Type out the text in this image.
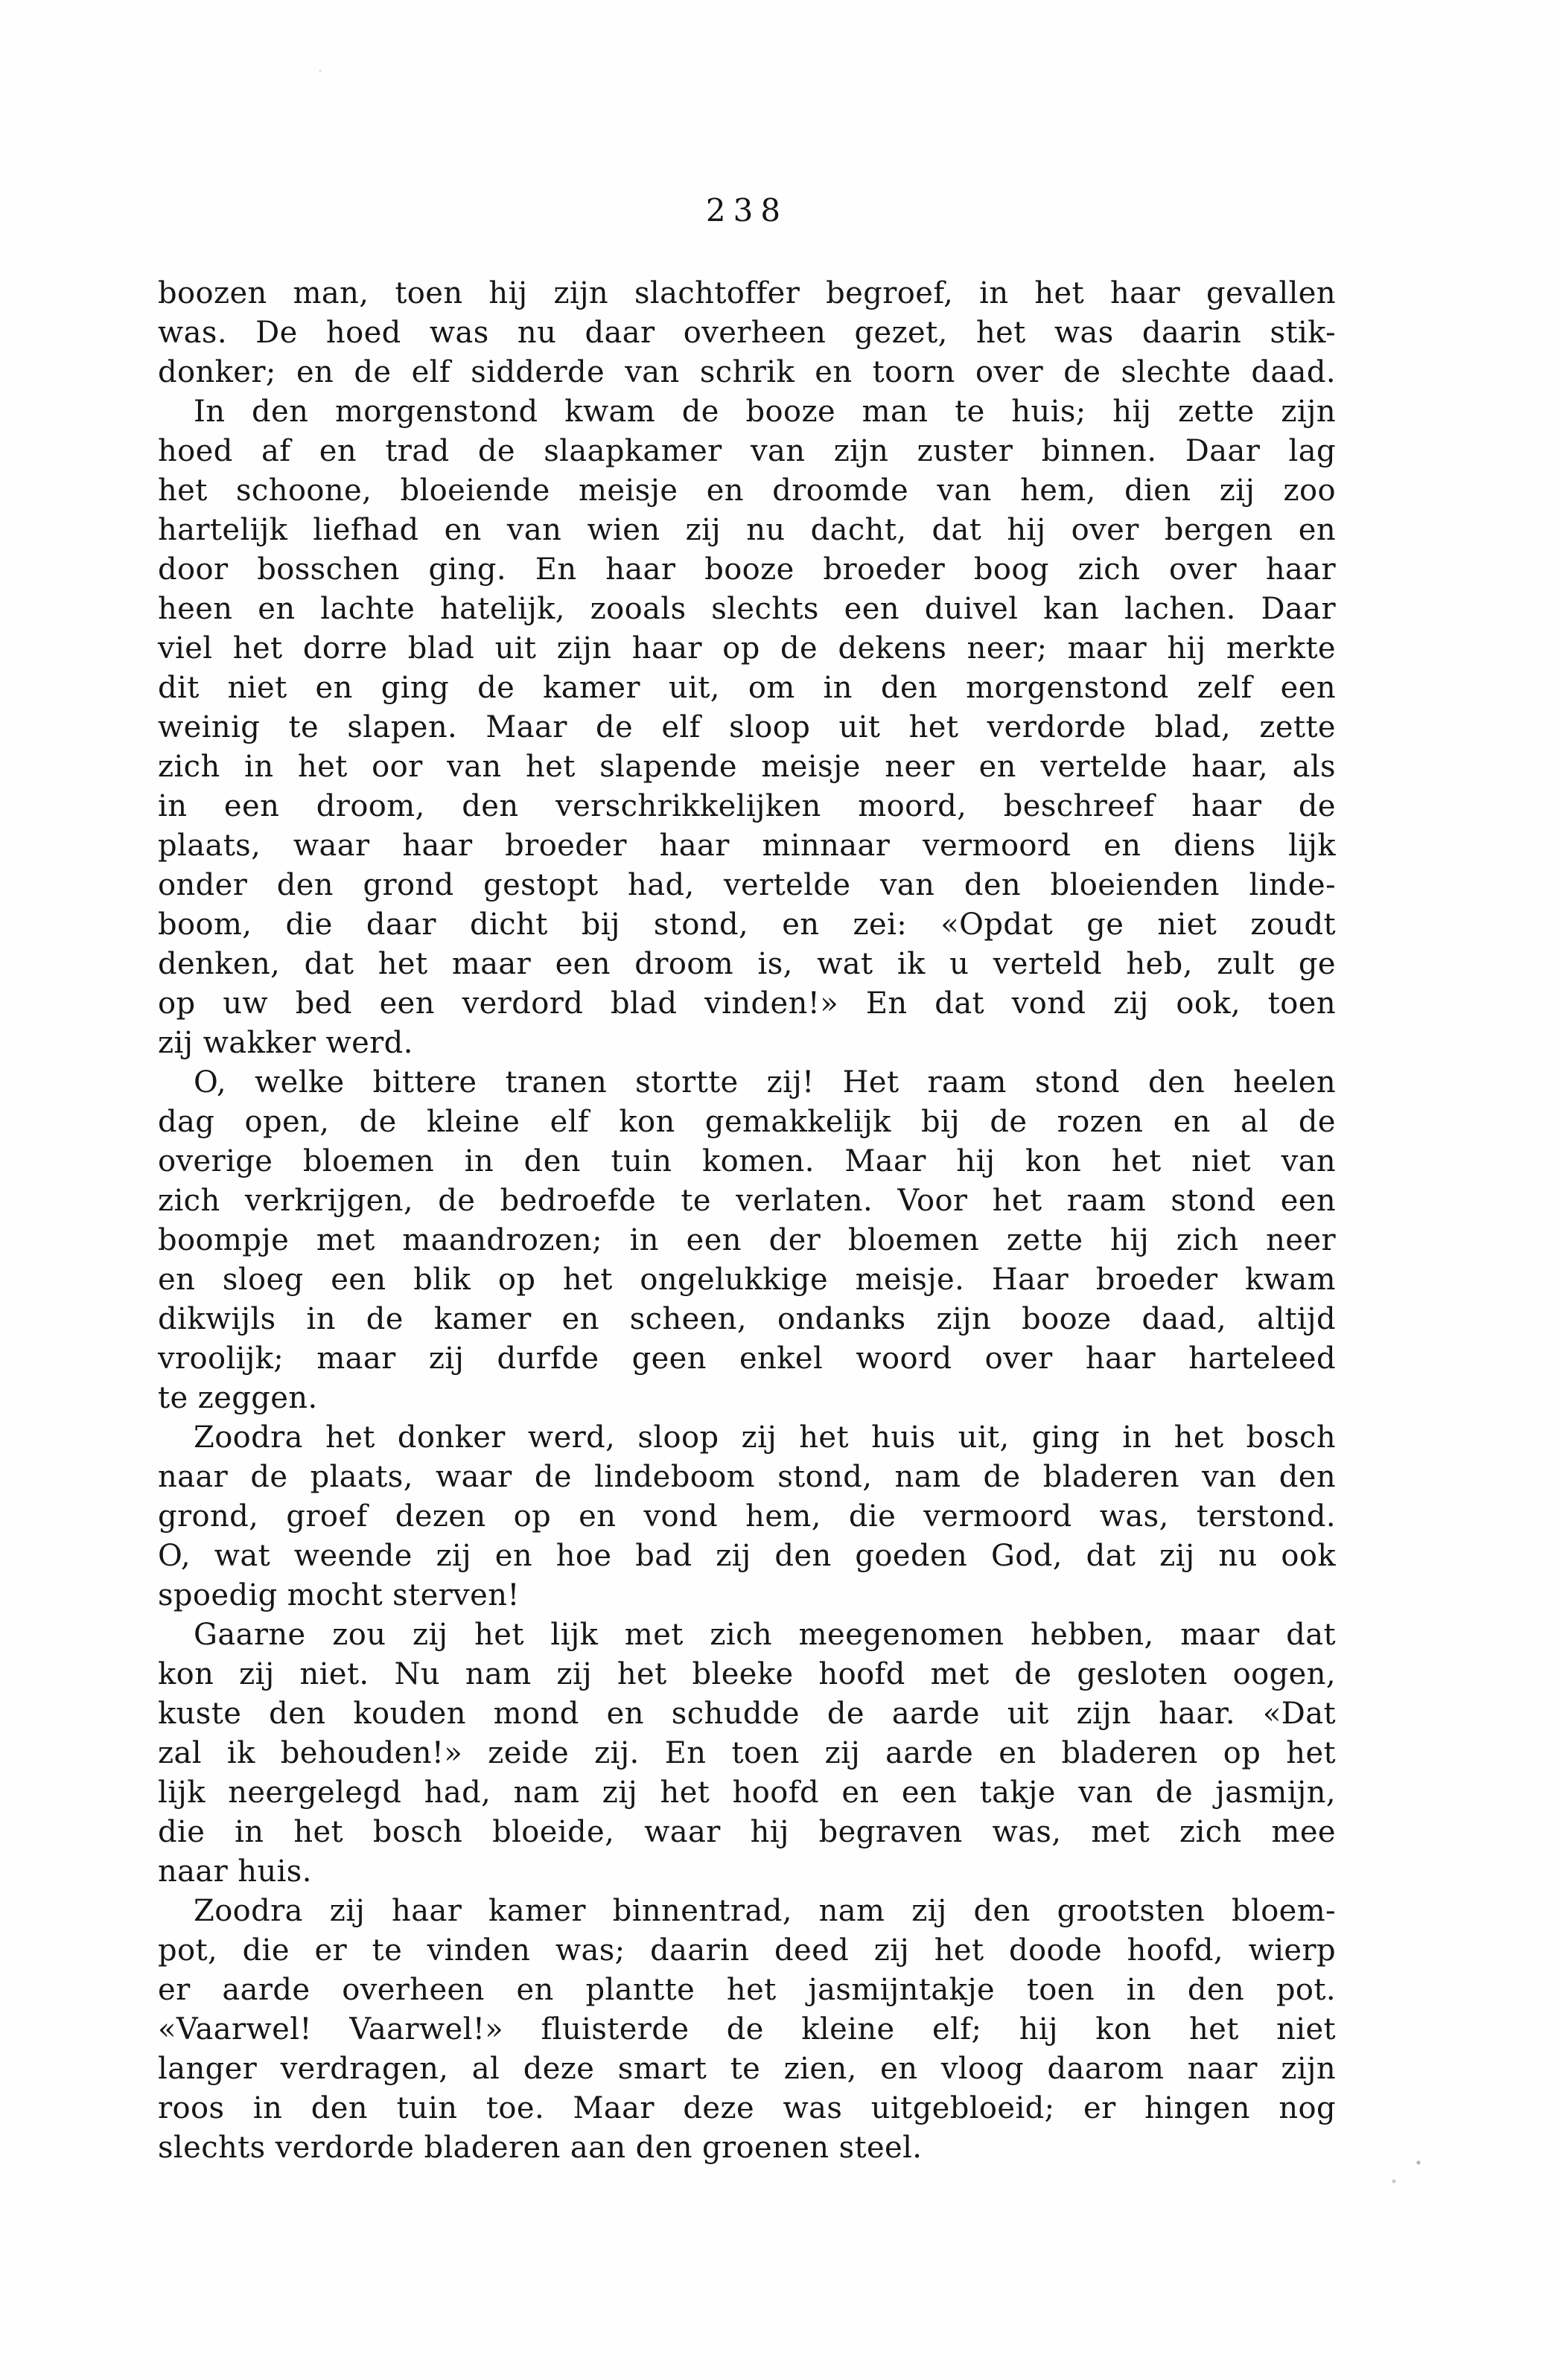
238
boozen man, toen hij zijn slachtoffer begroef, in het haar gevallen
was. De hoed was nu daar overheen gezet, het was daarin stik-
donker; en de elf sidderde van schrik en toorn over de slechte daad.
In den morgenstond kwam de booze man te huis; hij zette zijn
hoed af en trad de slaapkamer van zijn zuster binnen. Daar lag
het schoone, bloeiende meisje en droomde van hem, dien zij zoo
hartelijk liefhad en van wien zij nu dacht, dat hij over bergen en
door bosschen ging. En haar booze broeder boog zich over haar
heen en lachte hatelijk, zooals slechts een duivel kan lachen. Daar
viel het dorre blad uit zijn haar op de dekens neer; maar hij merkte
dit niet en ging de kamer uit, om in den morgenstond zelf een
weinig te slapen. Maar de elf sloop uit het verdorde blad, zette
zich in het oor van het slapende meisje neer en vertelde haar, als
in een droom, den verschrikkelijken moord, beschreef haar de
plaats, waar haar broeder haar minnaar vermoord en diens lijk
onder den grond gestopt had, vertelde van den bloeienden linde-
boom, die daar dicht bij stond, en zei: «Opdat ge niet zoudt
denken, dat het maar een droom is, wat ik u verteld heb, zult ge
op uw bed een verdord blad vinden!» En dat vond zij ook, toen
zij wakker werd.
O, welke bittere tranen stortte zij! Het raam stond den heelen
dag open, de kleine elf kon gemakkelijk bij de rozen en al de
overige bloemen in den tuin komen. Maar hij kon het niet van
zich verkrijgen, de bedroefde te verlaten. Voor het raam stond een
boompje met maandrozen; in een der bloemen zette hij zich neer
en sloeg een blik op het ongelukkige meisje. Haar broeder kwam
dikwijls in de kamer en scheen, ondanks zijn booze daad, altijd
vroolijk; maar zij durfde geen enkel woord over haar harteleed
te zeggen.
Zoodra het donker werd, sloop zij het huis uit, ging in het bosch
naar de plaats, waar de lindeboom stond, nam de bladeren van den
grond, groef dezen op en vond hem, die vermoord was, terstond.
O, wat weende zij en hoe bad zij den goeden God, dat zij nu ook
spoedig mocht sterven!
Gaarne zou zij het lijk met zich meegenomen hebben, maar dat
kon zij niet. Nu nam zij het bleeke hoofd met de gesloten oogen,
kuste den kouden mond en schudde de aarde uit zijn haar. «Dat
zal ik behouden!» zeide zij. En toen zij aarde en bladeren op het
lijk neergelegd had, nam zij het hoofd en een takje van de jasmijn,
die in het bosch bloeide, waar hij begraven was, met zich mee
naar huis.
Zoodra zij haar kamer binnentrad, nam zij den grootsten bloem-
pot, die er te vinden was; daarin deed zij het doode hoofd, wierp
er aarde overheen en plantte het jasmijntakje toen in den pot.
«Vaarwel! Vaarwel!» fluisterde de kleine elf; hij kon het niet
langer verdragen, al deze smart te zien, en vloog daarom naar zijn
roos in den tuin toe. Maar deze was uitgebloeid; er hingen nog
slechts verdorde bladeren aan den groenen steel.
